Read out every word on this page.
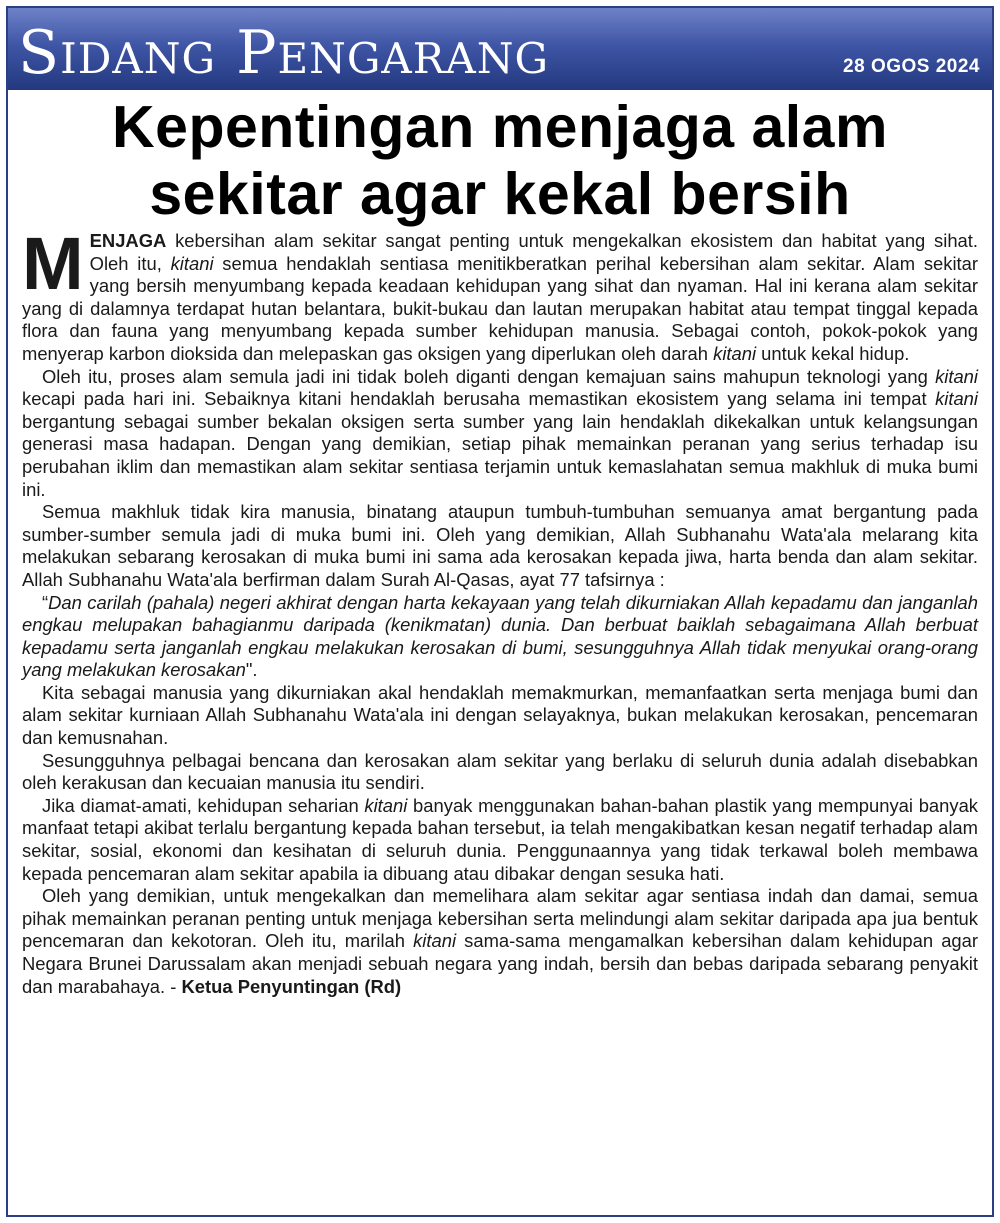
Sidang Pengarang	28 OGOS 2024
Kepentingan menjaga alam sekitar agar kekal bersih

MENJAGA kebersihan alam sekitar sangat penting untuk mengekalkan ekosistem dan habitat yang sihat. Oleh itu, kitani semua hendaklah sentiasa menitikberatkan perihal kebersihan alam sekitar. Alam sekitar yang bersih menyumbang kepada keadaan kehidupan yang sihat dan nyaman. Hal ini kerana alam sekitar yang di dalamnya terdapat hutan belantara, bukit-bukau dan lautan merupakan habitat atau tempat tinggal kepada flora dan fauna yang menyumbang kepada sumber kehidupan manusia. Sebagai contoh, pokok-pokok yang menyerap karbon dioksida dan melepaskan gas oksigen yang diperlukan oleh darah kitani untuk kekal hidup.

Oleh itu, proses alam semula jadi ini tidak boleh diganti dengan kemajuan sains mahupun teknologi yang kitani kecapi pada hari ini. Sebaiknya kitani hendaklah berusaha memastikan ekosistem yang selama ini tempat kitani bergantung sebagai sumber bekalan oksigen serta sumber yang lain hendaklah dikekalkan untuk kelangsungan generasi masa hadapan. Dengan yang demikian, setiap pihak memainkan peranan yang serius terhadap isu perubahan iklim dan memastikan alam sekitar sentiasa terjamin untuk kemaslahatan semua makhluk di muka bumi ini.

Semua makhluk tidak kira manusia, binatang ataupun tumbuh-tumbuhan semuanya amat bergantung pada sumber-sumber semula jadi di muka bumi ini. Oleh yang demikian, Allah Subhanahu Wata'ala melarang kita melakukan sebarang kerosakan di muka bumi ini sama ada kerosakan kepada jiwa, harta benda dan alam sekitar. Allah Subhanahu Wata'ala berfirman dalam Surah Al-Qasas, ayat 77 tafsirnya :

“Dan carilah (pahala) negeri akhirat dengan harta kekayaan yang telah dikurniakan Allah kepadamu dan janganlah engkau melupakan bahagianmu daripada (kenikmatan) dunia. Dan berbuat baiklah sebagaimana Allah berbuat kepadamu serta janganlah engkau melakukan kerosakan di bumi, sesungguhnya Allah tidak menyukai orang-orang yang melakukan kerosakan".

Kita sebagai manusia yang dikurniakan akal hendaklah memakmurkan, memanfaatkan serta menjaga bumi dan alam sekitar kurniaan Allah Subhanahu Wata'ala ini dengan selayaknya, bukan melakukan kerosakan, pencemaran dan kemusnahan.

Sesungguhnya pelbagai bencana dan kerosakan alam sekitar yang berlaku di seluruh dunia adalah disebabkan oleh kerakusan dan kecuaian manusia itu sendiri.

Jika diamat-amati, kehidupan seharian kitani banyak menggunakan bahan-bahan plastik yang mempunyai banyak manfaat tetapi akibat terlalu bergantung kepada bahan tersebut, ia telah mengakibatkan kesan negatif terhadap alam sekitar, sosial, ekonomi dan kesihatan di seluruh dunia. Penggunaannya yang tidak terkawal boleh membawa kepada pencemaran alam sekitar apabila ia dibuang atau dibakar dengan sesuka hati.

Oleh yang demikian, untuk mengekalkan dan memelihara alam sekitar agar sentiasa indah dan damai, semua pihak memainkan peranan penting untuk menjaga kebersihan serta melindungi alam sekitar daripada apa jua bentuk pencemaran dan kekotoran. Oleh itu, marilah kitani sama-sama mengamalkan kebersihan dalam kehidupan agar Negara Brunei Darussalam akan menjadi sebuah negara yang indah, bersih dan bebas daripada sebarang penyakit dan marabahaya. - Ketua Penyuntingan (Rd)
